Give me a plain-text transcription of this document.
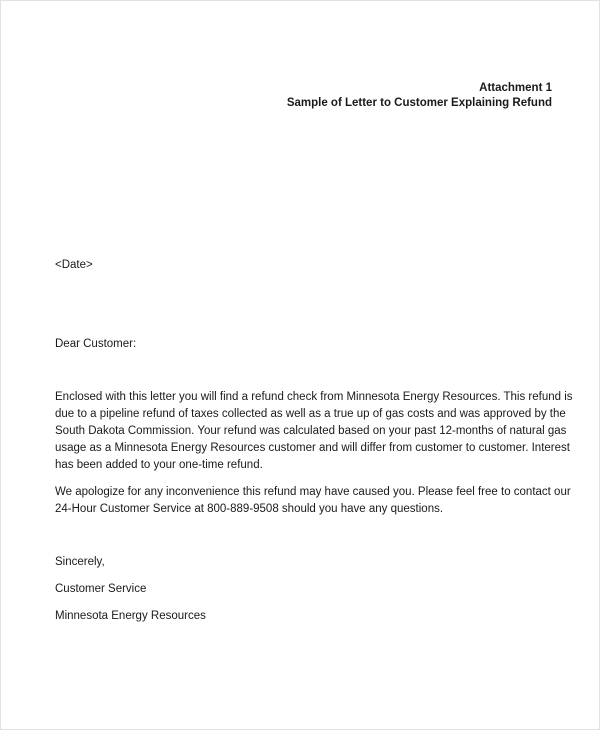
Attachment 1
Sample of Letter to Customer Explaining Refund
<Date>
Dear Customer:

Enclosed with this letter you will find a refund check from Minnesota Energy Resources. This refund is
due to a pipeline refund of taxes collected as well as a true up of gas costs and was approved by the
South Dakota Commission. Your refund was calculated based on your past 12-months of natural gas
usage as a Minnesota Energy Resources customer and will differ from customer to customer. Interest
has been added to your one-time refund.

We apologize for any inconvenience this refund may have caused you. Please feel free to contact our
24-Hour Customer Service at 800-889-9508 should you have any questions.

Sincerely,
Customer Service
Minnesota Energy Resources
